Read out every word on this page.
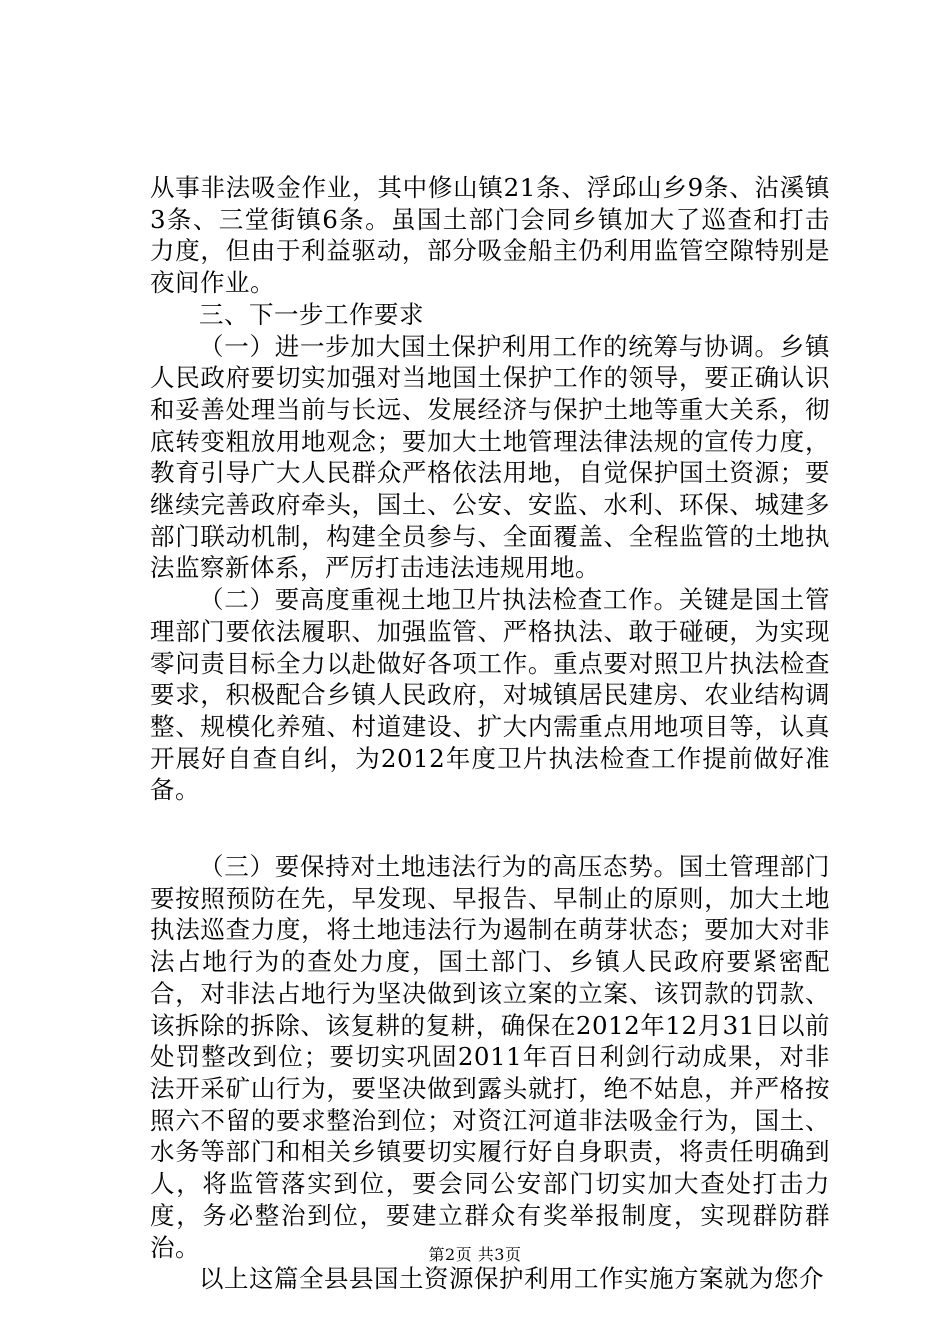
从事非法吸金作业，其中修山镇21条、浮邱山乡9条、沾溪镇3条、三堂街镇6条。虽国土部门会同乡镇加大了巡查和打击力度，但由于利益驱动，部分吸金船主仍利用监管空隙特别是夜间作业。

三、下一步工作要求

（一）进一步加大国土保护利用工作的统筹与协调。乡镇人民政府要切实加强对当地国土保护工作的领导，要正确认识和妥善处理当前与长远、发展经济与保护土地等重大关系，彻底转变粗放用地观念；要加大土地管理法律法规的宣传力度，教育引导广大人民群众严格依法用地，自觉保护国土资源；要继续完善政府牵头，国土、公安、安监、水利、环保、城建多部门联动机制，构建全员参与、全面覆盖、全程监管的土地执法监察新体系，严厉打击违法违规用地。

（二）要高度重视土地卫片执法检查工作。关键是国土管理部门要依法履职、加强监管、严格执法、敢于碰硬，为实现零问责目标全力以赴做好各项工作。重点要对照卫片执法检查要求，积极配合乡镇人民政府，对城镇居民建房、农业结构调整、规模化养殖、村道建设、扩大内需重点用地项目等，认真开展好自查自纠，为2012年度卫片执法检查工作提前做好准备。

（三）要保持对土地违法行为的高压态势。国土管理部门要按照预防在先，早发现、早报告、早制止的原则，加大土地执法巡查力度，将土地违法行为遏制在萌芽状态；要加大对非法占地行为的查处力度，国土部门、乡镇人民政府要紧密配合，对非法占地行为坚决做到该立案的立案、该罚款的罚款、该拆除的拆除、该复耕的复耕，确保在2012年12月31日以前处罚整改到位；要切实巩固2011年百日利剑行动成果，对非法开采矿山行为，要坚决做到露头就打，绝不姑息，并严格按照六不留的要求整治到位；对资江河道非法吸金行为，国土、水务等部门和相关乡镇要切实履行好自身职责，将责任明确到人，将监管落实到位，要会同公安部门切实加大查处打击力度，务必整治到位，要建立群众有奖举报制度，实现群防群治。

以上这篇全县县国土资源保护利用工作实施方案就为您介

第2页 共3页
